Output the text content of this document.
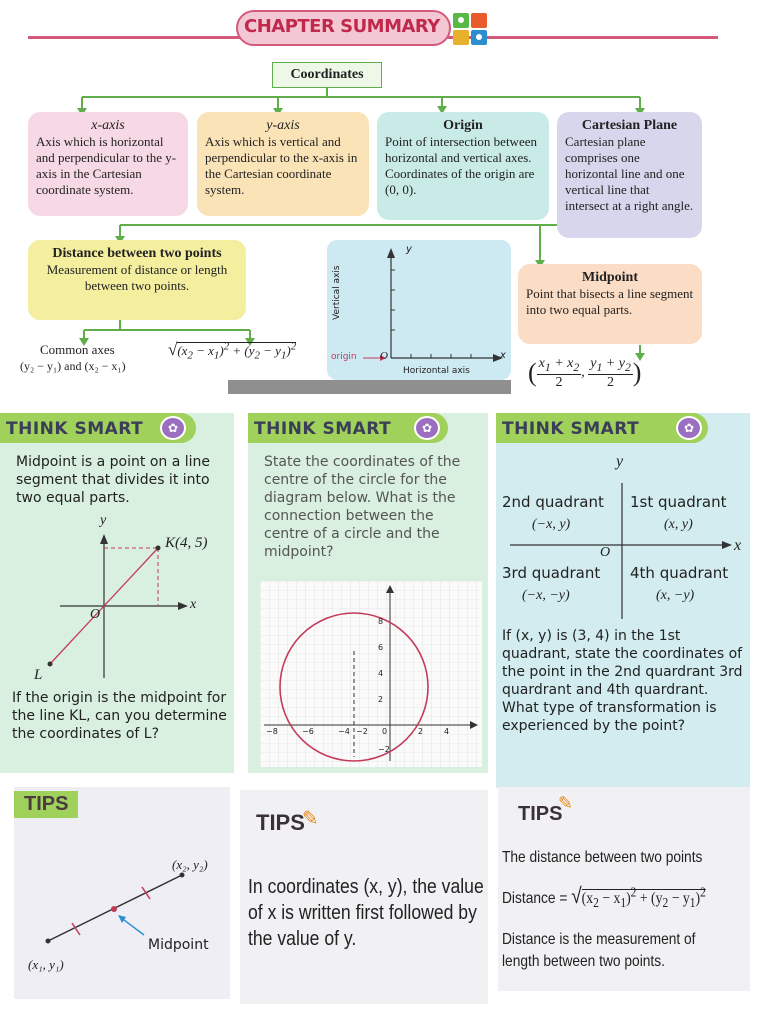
CHAPTER SUMMARY
Coordinates
x-axis
Axis which is horizontal and perpendicular to the y-axis in the Cartesian coordinate system.
y-axis
Axis which is vertical and perpendicular to the x-axis in the Cartesian coordinate system.
Origin
Point of intersection between horizontal and vertical axes. Coordinates of the origin are (0, 0).
Cartesian Plane
Cartesian plane comprises one horizontal line and one vertical line that intersect at a right angle.
Distance between two points
Measurement of distance or length between two points.
Common axes
(y₂ − y₁) and (x₂ − x₁)
$√(x_2 - x_1)^2 + (y_2 - y_1)^2$
y
x
Vertical axis
Horizontal axis
origin O
Midpoint
Point that bisects a line segment into two equal parts.
( $x_1 + x_2$
2
,
$y_1 + y_2$
2 )
THINK SMART	✿
Midpoint is a point on a line segment that divides it into two equal parts.
K(4, 5)
L
y
x
O
If the origin is the midpoint for the line KL, can you determine the coordinates of L?
THINK SMART	✿
State the coordinates of the centre of the circle for the diagram below. What is the connection between the centre of a circle and the midpoint?
−8	−6	−4 −2 0	2	4
8
6
4
2
−2
THINK SMART	✿
y
x
O
2nd quadrant
(−x, y)
1st quadrant
(x, y)
3rd quadrant
(−x, −y)
4th quadrant
(x, −y)
If (x, y) is (3, 4) in the 1st quadrant, state the coordinates of the point in the 2nd quardrant 3rd quardrant and 4th quardrant. What type of transformation is experienced by the point?
TIPS
(x₂, y₂)
(x₁, y₁)
Midpoint
TIPS
✎
In coordinates (x, y), the value of x is written first followed by the value of y.
TIPS
✎
The distance between two points
Distance = $√(x_2 - x_1)^2 + (y_2 - y_1)^2$
Distance is the measurement of length between two points.
